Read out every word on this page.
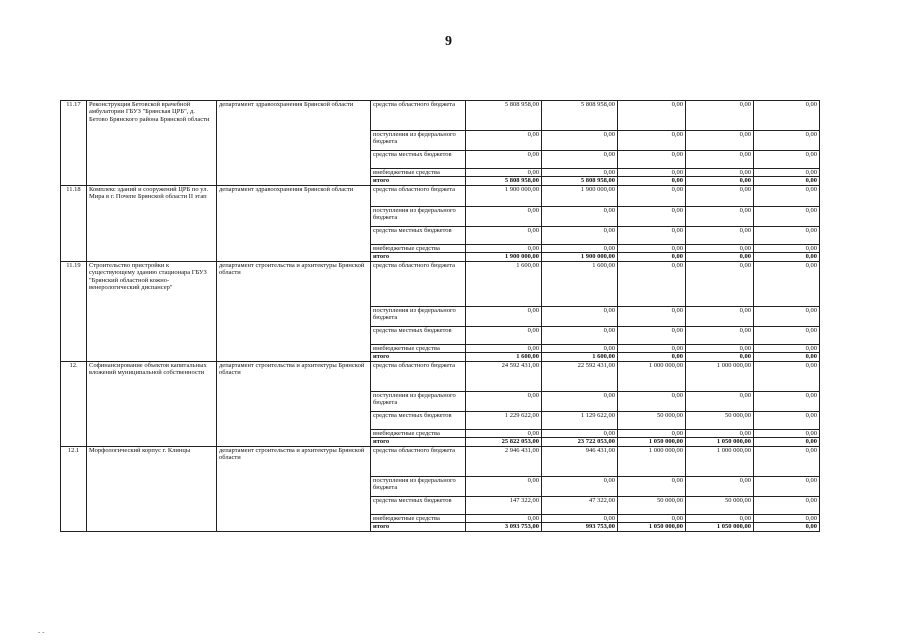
9
11.17	Реконструкция Бетовской врачебной амбулатории ГБУЗ "Брянская ЦРБ", д. Бетово Брянского района Брянской области	департамент здравоохранения Брянской области	средства областного бюджета	5 808 958,00	5 808 958,00	0,00	0,00	0,00
			поступления из федерального бюджета	0,00	0,00	0,00	0,00	0,00
			средства местных бюджетов	0,00	0,00	0,00	0,00	0,00
			внебюджетные средства	0,00	0,00	0,00	0,00	0,00
			итого	5 808 958,00	5 808 958,00	0,00	0,00	0,00
11.18	Комплекс зданий и сооружений ЦРБ по ул. Мира в г. Почепе Брянской области II этап	департамент здравоохранения Брянской области	средства областного бюджета	1 900 000,00	1 900 000,00	0,00	0,00	0,00
			поступления из федерального бюджета	0,00	0,00	0,00	0,00	0,00
			средства местных бюджетов	0,00	0,00	0,00	0,00	0,00
			внебюджетные средства	0,00	0,00	0,00	0,00	0,00
			итого	1 900 000,00	1 900 000,00	0,00	0,00	0,00
11.19	Строительство пристройки к существующему зданию стационара ГБУЗ "Брянский областной кожно-венерологический диспансер"	департамент строительства и архитектуры Брянской области	средства областного бюджета	1 600,00	1 600,00	0,00	0,00	0,00
			поступления из федерального бюджета	0,00	0,00	0,00	0,00	0,00
			средства местных бюджетов	0,00	0,00	0,00	0,00	0,00
			внебюджетные средства	0,00	0,00	0,00	0,00	0,00
			итого	1 600,00	1 600,00	0,00	0,00	0,00
12.	Софинансирование объектов капитальных вложений муниципальной собственности	департамент строительства и архитектуры Брянской области	средства областного бюджета	24 592 431,00	22 592 431,00	1 000 000,00	1 000 000,00	0,00
			поступления из федерального бюджета	0,00	0,00	0,00	0,00	0,00
			средства местных бюджетов	1 229 622,00	1 129 622,00	50 000,00	50 000,00	0,00
			внебюджетные средства	0,00	0,00	0,00	0,00	0,00
			итого	25 822 053,00	23 722 053,00	1 050 000,00	1 050 000,00	0,00
12.1	Морфологический корпус г. Клинцы	департамент строительства и архитектуры Брянской области	средства областного бюджета	2 946 431,00	946 431,00	1 000 000,00	1 000 000,00	0,00
			поступления из федерального бюджета	0,00	0,00	0,00	0,00	0,00
			средства местных бюджетов	147 322,00	47 322,00	50 000,00	50 000,00	0,00
			внебюджетные средства	0,00	0,00	0,00	0,00	0,00
			итого	3 093 753,00	993 753,00	1 050 000,00	1 050 000,00	0,00
- -
